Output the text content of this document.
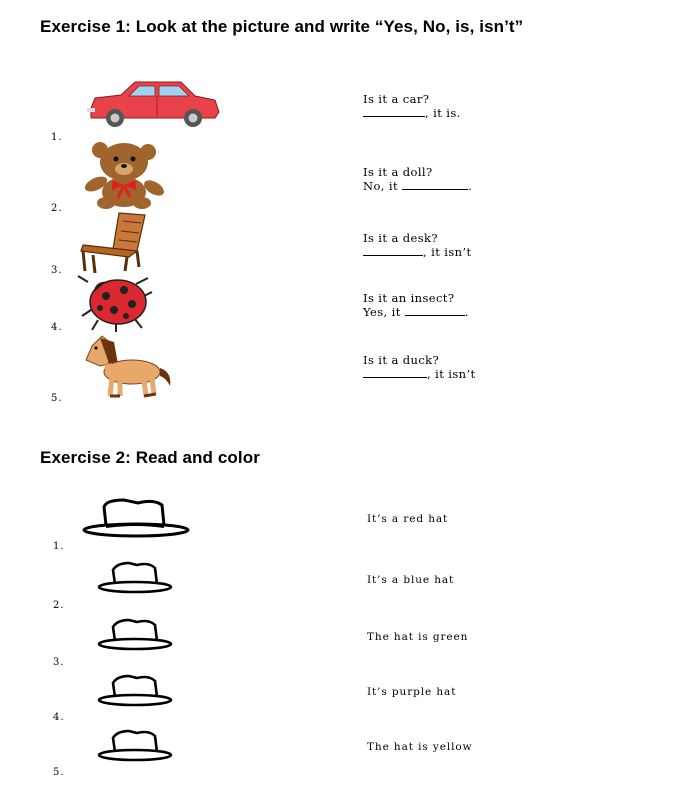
Exercise 1: Look at the picture and write “Yes, No, is, isn’t”
1.
Is it a car?
, it is.
2.
Is it a doll?
No, it	.
3.
Is it a desk?
, it isn’t
4.
Is it an insect?
Yes, it	.
5.
Is it a duck?
, it isn’t
Exercise 2: Read and color
1.
It’s a red hat
2.
It’s a blue hat
3.
The hat is green
4.
It’s purple hat
5.
The hat is yellow
